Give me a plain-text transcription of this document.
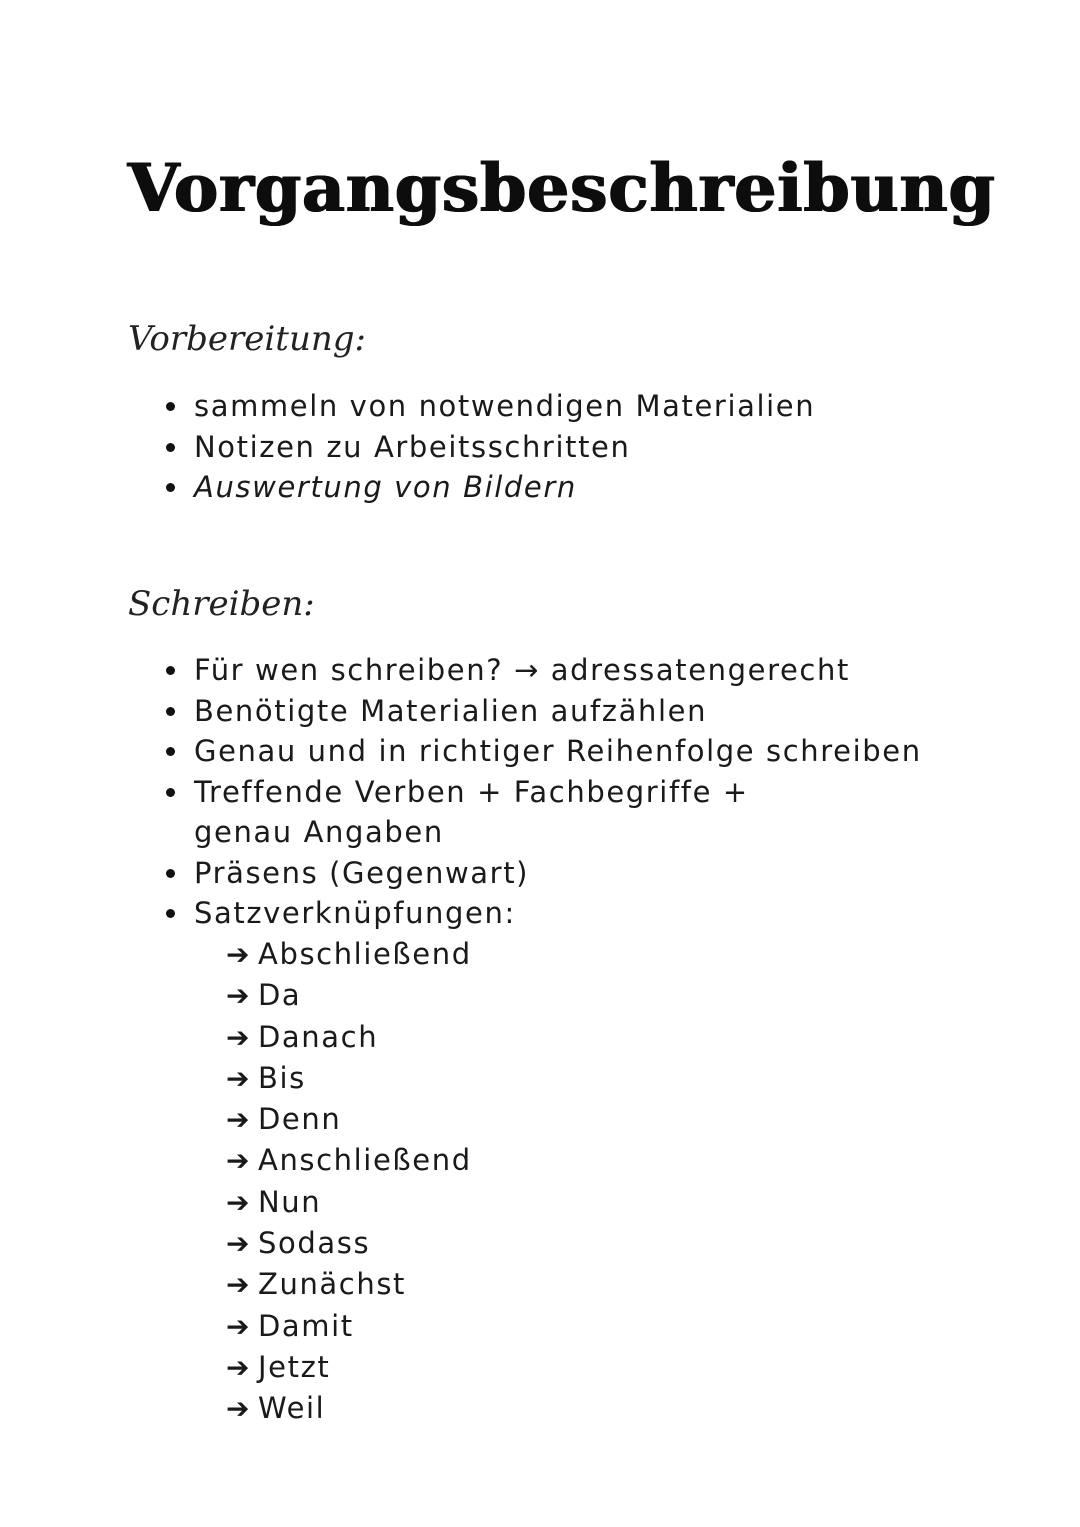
Vorgangsbeschreibung
Vorbereitung:
sammeln von notwendigen Materialien
Notizen zu Arbeitsschritten
Auswertung von Bildern
Schreiben:
Für wen schreiben? → adressatengerecht
Benötigte Materialien aufzählen
Genau und in richtiger Reihenfolge schreiben
Treffende Verben + Fachbegriffe + genau Angaben
Präsens (Gegenwart)
Satzverknüpfungen:
➔ Abschließend
➔ Da
➔ Danach
➔ Bis
➔ Denn
➔ Anschließend
➔ Nun
➔ Sodass
➔ Zunächst
➔ Damit
➔ Jetzt
➔ Weil
